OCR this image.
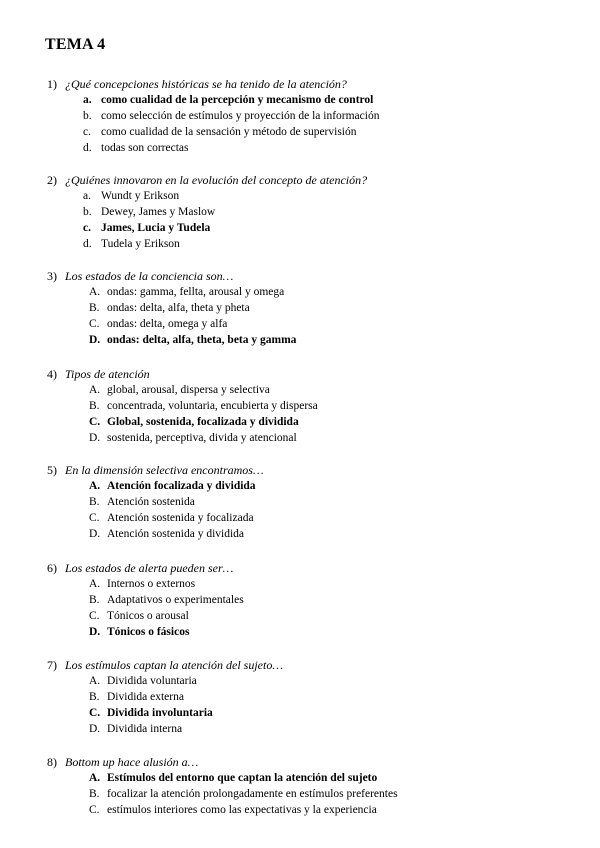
TEMA 4
1) ¿Qué concepciones históricas se ha tenido de la atención?
a. como cualidad de la percepción y mecanismo de control
b. como selección de estímulos y proyección de la información
c. como cualidad de la sensación y método de supervisión
d. todas son correctas
2) ¿Quiénes innovaron en la evolución del concepto de atención?
a. Wundt y Erikson
b. Dewey, James y Maslow
c. James, Lucia y Tudela
d. Tudela y Erikson
3) Los estados de la conciencia son…
A. ondas: gamma, fellta, arousal y omega
B. ondas: delta, alfa, theta y pheta
C. ondas: delta, omega y alfa
D. ondas: delta, alfa, theta, beta y gamma
4) Tipos de atención
A. global, arousal, dispersa y selectiva
B. concentrada, voluntaria, encubierta y dispersa
C. Global, sostenida, focalizada y dividida
D. sostenida, perceptiva, divida y atencional
5) En la dimensión selectiva encontramos…
A. Atención focalizada y dividida
B. Atención sostenida
C. Atención sostenida y focalizada
D. Atención sostenida y dividida
6) Los estados de alerta pueden ser…
A. Internos o externos
B. Adaptativos o experimentales
C. Tónicos o arousal
D. Tónicos o fásicos
7) Los estímulos captan la atención del sujeto…
A. Dividida voluntaria
B. Dividida externa
C. Dividida involuntaria
D. Dividida interna
8) Bottom up hace alusión a…
A. Estímulos del entorno que captan la atención del sujeto
B. focalizar la atención prolongadamente en estímulos preferentes
C. estímulos interiores como las expectativas y la experiencia
